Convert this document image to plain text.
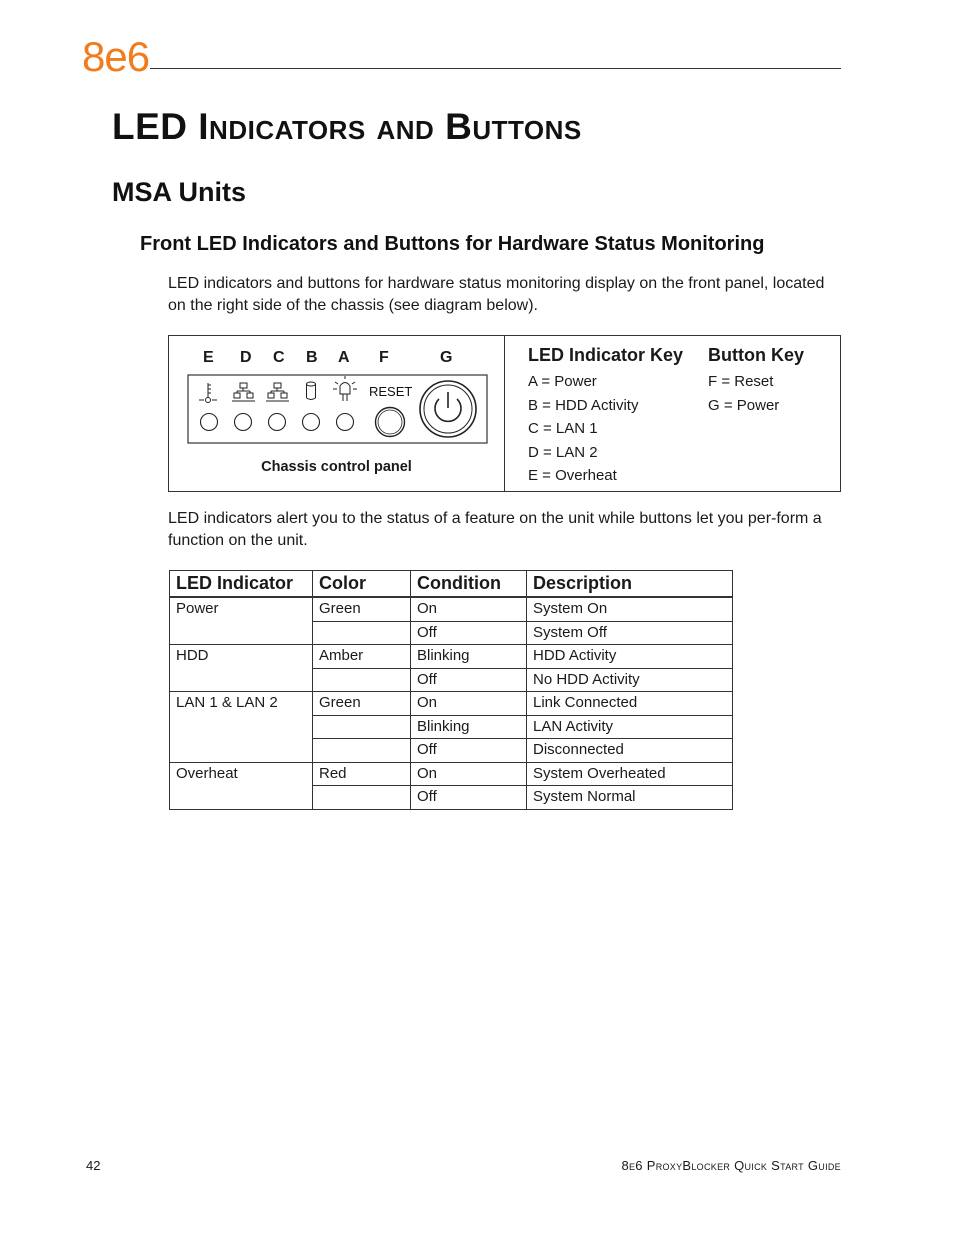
8e6
LED Indicators and Buttons
MSA Units
Front LED Indicators and Buttons for Hardware Status Monitoring

LED indicators and buttons for hardware status monitoring display on the front panel, located on the right side of the chassis (see diagram below).

E D C B A F	G
RESET
Chassis control panel

LED Indicator Key

A = Power

B = HDD Activity

C = LAN 1

D = LAN 2

E = Overheat

Button Key

F = Reset

G = Power

LED indicators alert you to the status of a feature on the unit while buttons let you per-form a function on the unit.

LED Indicator	Color	Condition	Description
Power	Green	On	System On
		Off	System Off
HDD	Amber	Blinking	HDD Activity
		Off	No HDD Activity
LAN 1 & LAN 2	Green	On	Link Connected
		Blinking	LAN Activity
		Off	Disconnected
Overheat	Red	On	System Overheated
		Off	System Normal
42	8e6 ProxyBlocker Quick Start Guide
